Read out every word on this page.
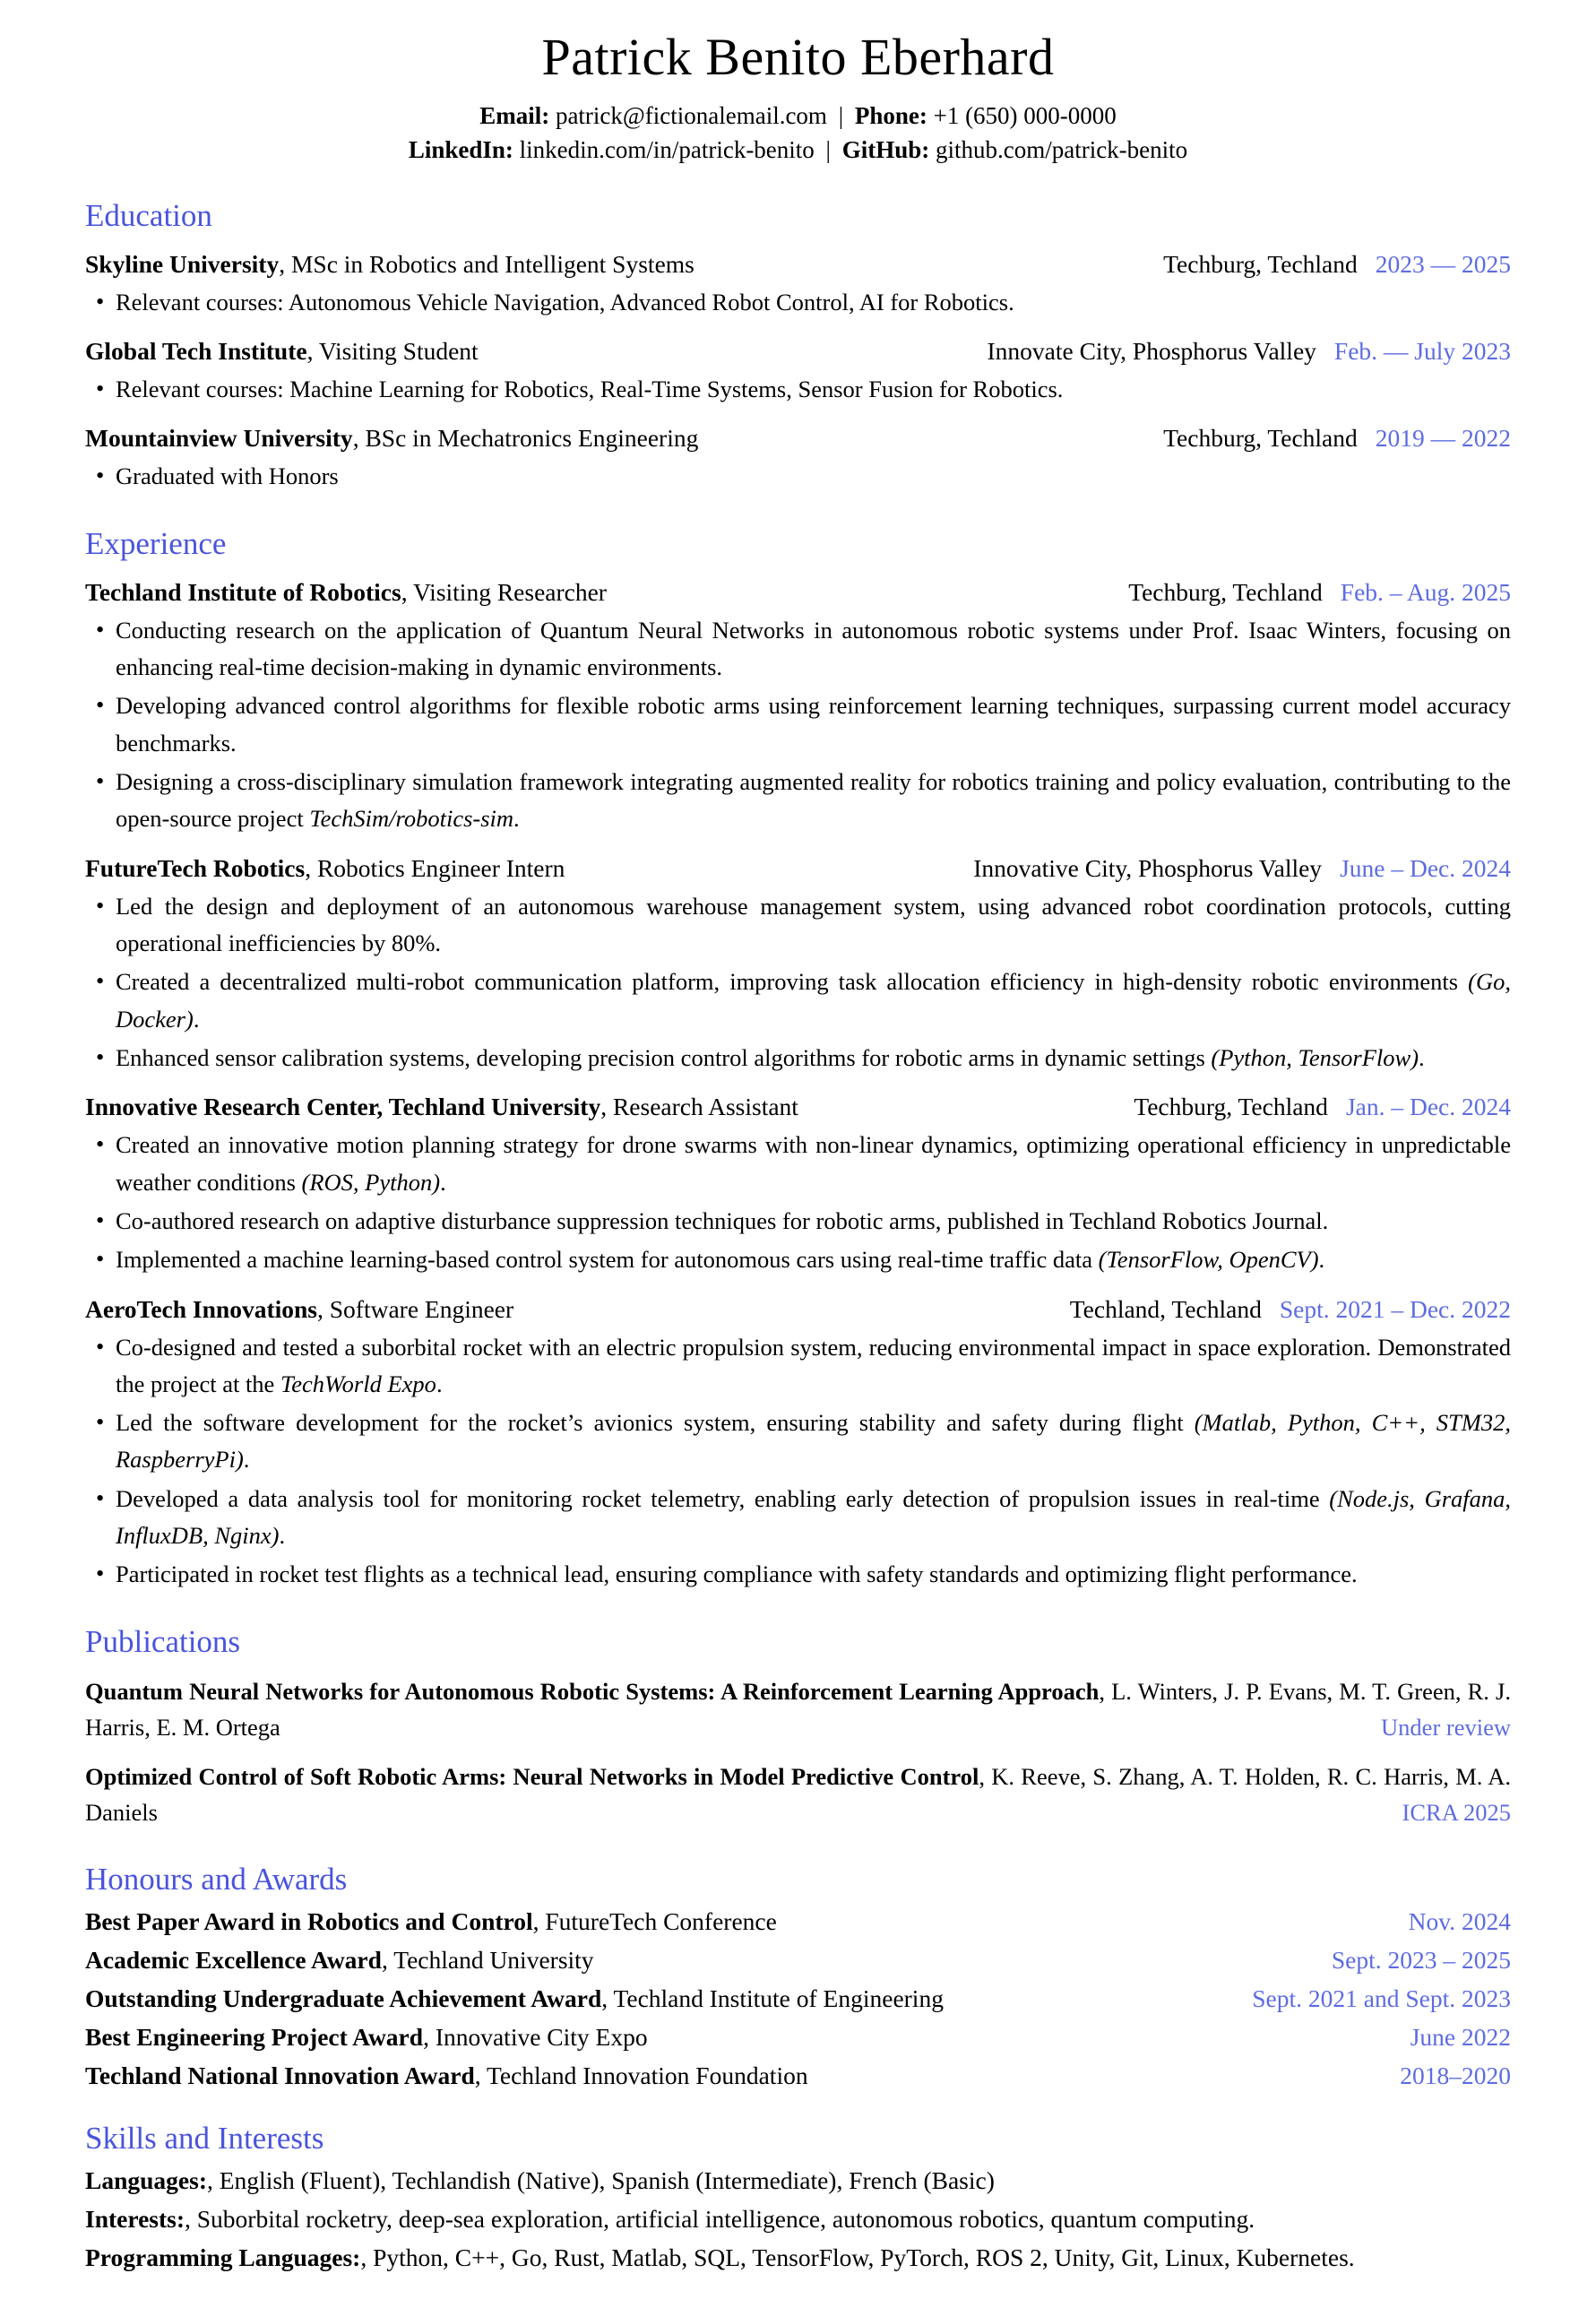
Patrick Benito Eberhard
Email: patrick@fictionalemail.com | Phone: +1 (650) 000-0000
LinkedIn: linkedin.com/in/patrick-benito | GitHub: github.com/patrick-benito
Education
Skyline University, MSc in Robotics and Intelligent Systems	Techburg, Techland 2023 — 2025
• Relevant courses: Autonomous Vehicle Navigation, Advanced Robot Control, AI for Robotics.
Global Tech Institute, Visiting Student	Innovate City, Phosphorus Valley Feb. — July 2023
• Relevant courses: Machine Learning for Robotics, Real-Time Systems, Sensor Fusion for Robotics.
Mountainview University, BSc in Mechatronics Engineering	Techburg, Techland 2019 — 2022
• Graduated with Honors
Experience
Techland Institute of Robotics, Visiting Researcher	Techburg, Techland Feb. – Aug. 2025
• Conducting research on the application of Quantum Neural Networks in autonomous robotic systems under Prof. Isaac Winters, focusing on enhancing real-time decision-making in dynamic environments.
• Developing advanced control algorithms for flexible robotic arms using reinforcement learning techniques, surpassing current model accuracy benchmarks.
• Designing a cross-disciplinary simulation framework integrating augmented reality for robotics training and policy evaluation, contributing to the open-source project TechSim/robotics-sim.
FutureTech Robotics, Robotics Engineer Intern	Innovative City, Phosphorus Valley June – Dec. 2024
• Led the design and deployment of an autonomous warehouse management system, using advanced robot coordination protocols, cutting operational inefficiencies by 80%.
• Created a decentralized multi-robot communication platform, improving task allocation efficiency in high-density robotic environments (Go, Docker).
• Enhanced sensor calibration systems, developing precision control algorithms for robotic arms in dynamic settings (Python, TensorFlow).
Innovative Research Center, Techland University, Research Assistant	Techburg, Techland Jan. – Dec. 2024
• Created an innovative motion planning strategy for drone swarms with non-linear dynamics, optimizing operational efficiency in unpredictable weather conditions (ROS, Python).
• Co-authored research on adaptive disturbance suppression techniques for robotic arms, published in Techland Robotics Journal.
• Implemented a machine learning-based control system for autonomous cars using real-time traffic data (TensorFlow, OpenCV).
AeroTech Innovations, Software Engineer	Techland, Techland Sept. 2021 – Dec. 2022
• Co-designed and tested a suborbital rocket with an electric propulsion system, reducing environmental impact in space exploration. Demonstrated the project at the TechWorld Expo.
• Led the software development for the rocket’s avionics system, ensuring stability and safety during flight (Matlab, Python, C++, STM32, RaspberryPi).
• Developed a data analysis tool for monitoring rocket telemetry, enabling early detection of propulsion issues in real-time (Node.js, Grafana, InfluxDB, Nginx).
• Participated in rocket test flights as a technical lead, ensuring compliance with safety standards and optimizing flight performance.
Publications
Quantum Neural Networks for Autonomous Robotic Systems: A Reinforcement Learning Approach, L. Winters, J. P. Evans, M. T. Green, R. J. Harris, E. M. Ortega	Under review
Optimized Control of Soft Robotic Arms: Neural Networks in Model Predictive Control, K. Reeve, S. Zhang, A. T. Holden, R. C. Harris, M. A. Daniels	ICRA 2025
Honours and Awards
Best Paper Award in Robotics and Control, FutureTech Conference	Nov. 2024
Academic Excellence Award, Techland University	Sept. 2023 – 2025
Outstanding Undergraduate Achievement Award, Techland Institute of Engineering	Sept. 2021 and Sept. 2023
Best Engineering Project Award, Innovative City Expo	June 2022
Techland National Innovation Award, Techland Innovation Foundation	2018–2020
Skills and Interests
Languages:, English (Fluent), Techlandish (Native), Spanish (Intermediate), French (Basic)
Interests:, Suborbital rocketry, deep-sea exploration, artificial intelligence, autonomous robotics, quantum computing.
Programming Languages:, Python, C++, Go, Rust, Matlab, SQL, TensorFlow, PyTorch, ROS 2, Unity, Git, Linux, Kubernetes.
